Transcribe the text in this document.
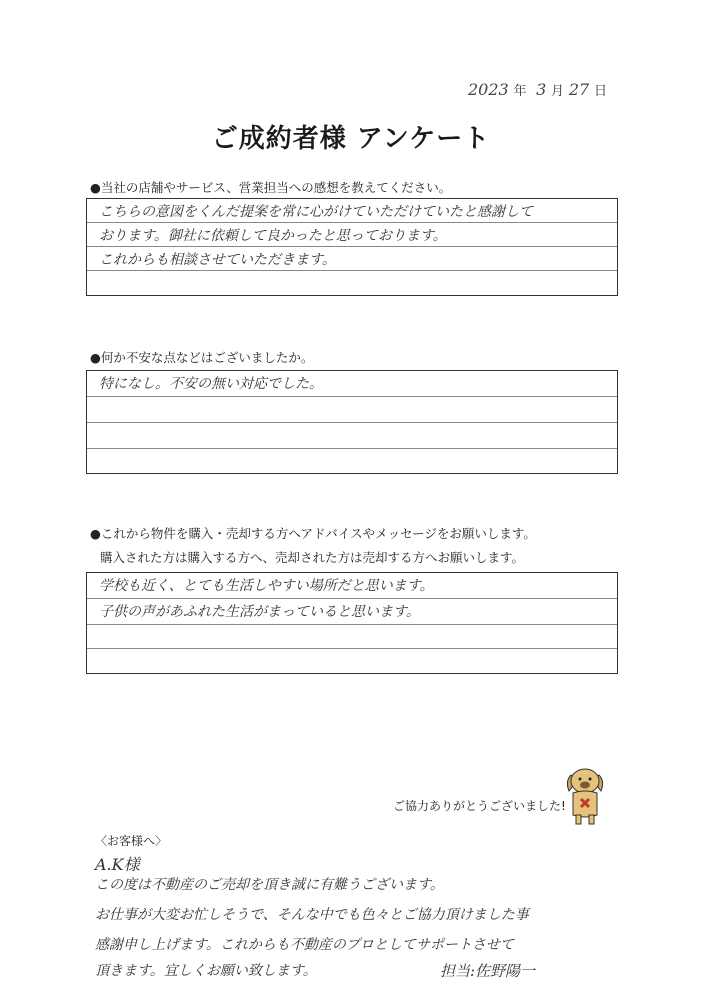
2023 年 3 月 27 日
ご成約者様 アンケート
●当社の店舗やサービス、営業担当への感想を教えてください。
こちらの意図をくんだ提案を常に心がけていただけていたと感謝して
おります。御社に依頼して良かったと思っております。
これからも相談させていただきます。
●何か不安な点などはございましたか。
特になし。不安の無い対応でした。
●これから物件を購入・売却する方へアドバイスやメッセージをお願いします。
購入された方は購入する方へ、売却された方は売却する方へお願いします。
学校も近く、とても生活しやすい場所だと思います。
子供の声があふれた生活がまっていると思います。
ご協力ありがとうございました!
〈お客様へ〉
A.K様
この度は不動産のご売却を頂き誠に有難うございます。
お仕事が大変お忙しそうで、そんな中でも色々とご協力頂けました事
感謝申し上げます。これからも不動産のプロとしてサポートさせて
頂きます。宜しくお願い致します。	担当:佐野陽一
